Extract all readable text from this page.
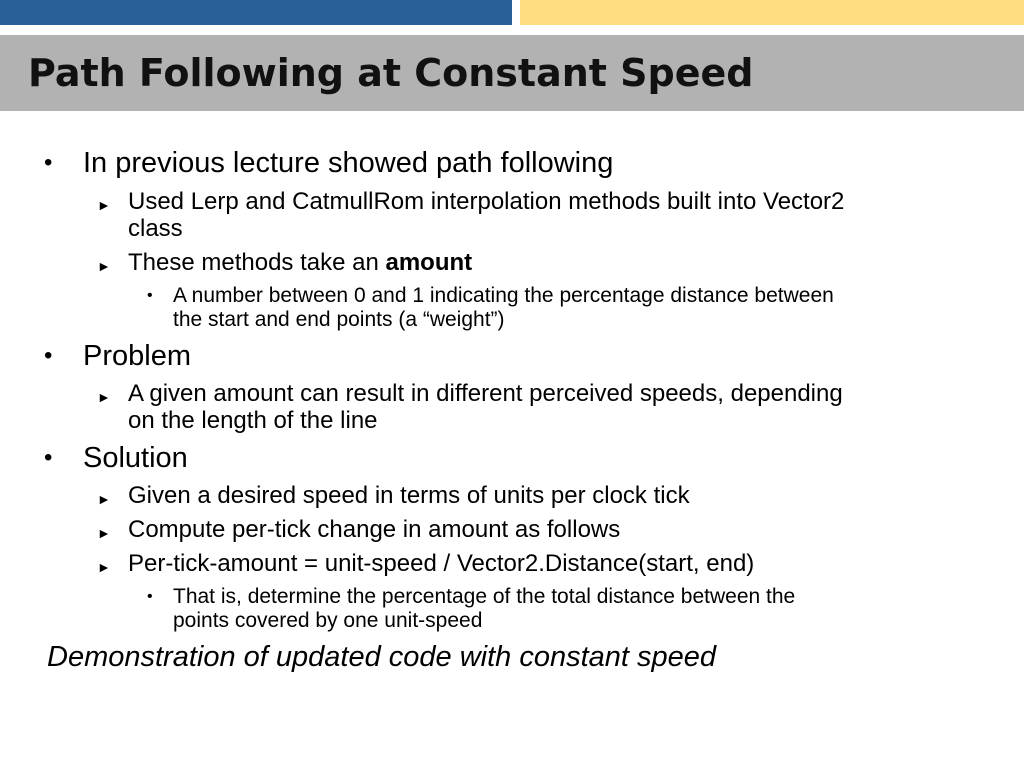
Path Following at Constant Speed
• In previous lecture showed path following
► Used Lerp and CatmullRom interpolation methods built into Vector2
class
► These methods take an amount
• A number between 0 and 1 indicating the percentage distance between
the start and end points (a “weight”)
• Problem
► A given amount can result in different perceived speeds, depending
on the length of the line
• Solution
► Given a desired speed in terms of units per clock tick
► Compute per-tick change in amount as follows
► Per-tick-amount = unit-speed / Vector2.Distance(start, end)
• That is, determine the percentage of the total distance between the
points covered by one unit-speed
Demonstration of updated code with constant speed
